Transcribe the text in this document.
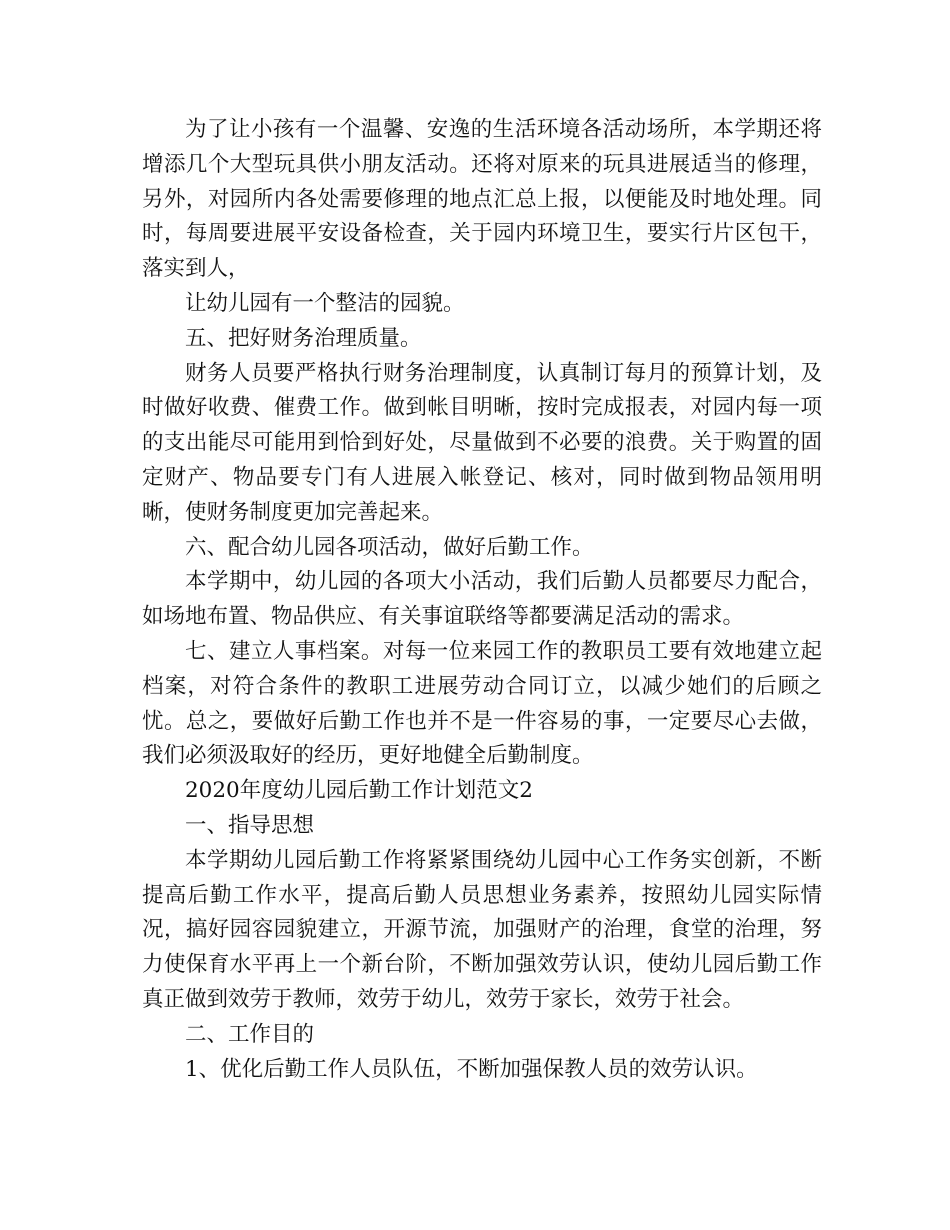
为了让小孩有一个温馨、安逸的生活环境各活动场所，本学期还将增添几个大型玩具供小朋友活动。还将对原来的玩具进展适当的修理，另外，对园所内各处需要修理的地点汇总上报，以便能及时地处理。同时，每周要进展平安设备检查，关于园内环境卫生，要实行片区包干，落实到人，

让幼儿园有一个整洁的园貌。

五、把好财务治理质量。

财务人员要严格执行财务治理制度，认真制订每月的预算计划，及时做好收费、催费工作。做到帐目明晰，按时完成报表，对园内每一项的支出能尽可能用到恰到好处，尽量做到不必要的浪费。关于购置的固定财产、物品要专门有人进展入帐登记、核对，同时做到物品领用明晰，使财务制度更加完善起来。

六、配合幼儿园各项活动，做好后勤工作。

本学期中，幼儿园的各项大小活动，我们后勤人员都要尽力配合，如场地布置、物品供应、有关事谊联络等都要满足活动的需求。

七、建立人事档案。对每一位来园工作的教职员工要有效地建立起档案，对符合条件的教职工进展劳动合同订立，以减少她们的后顾之忧。总之，要做好后勤工作也并不是一件容易的事，一定要尽心去做，我们必须汲取好的经历，更好地健全后勤制度。

2020年度幼儿园后勤工作计划范文2

一、指导思想

本学期幼儿园后勤工作将紧紧围绕幼儿园中心工作务实创新，不断提高后勤工作水平，提高后勤人员思想业务素养，按照幼儿园实际情况，搞好园容园貌建立，开源节流，加强财产的治理，食堂的治理，努力使保育水平再上一个新台阶，不断加强效劳认识，使幼儿园后勤工作真正做到效劳于教师，效劳于幼儿，效劳于家长，效劳于社会。

二、工作目的

1、优化后勤工作人员队伍，不断加强保教人员的效劳认识。
